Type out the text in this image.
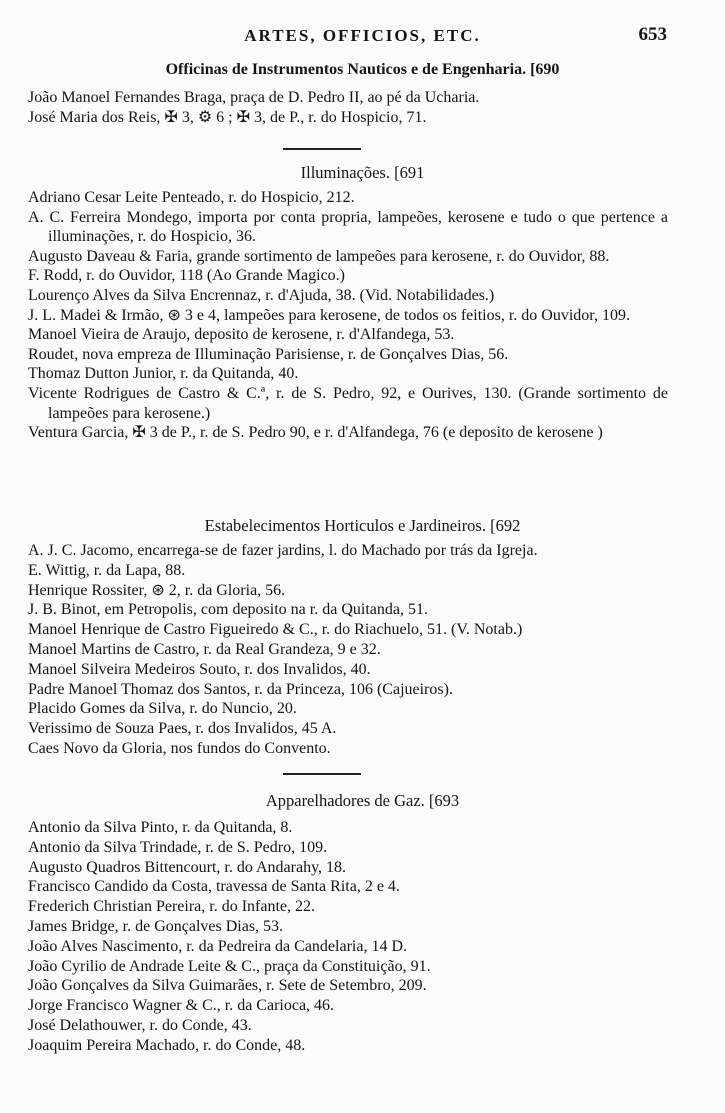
ARTES, OFFICIOS, ETC.	653
Officinas de Instrumentos Nauticos e de Engenharia. [690
João Manoel Fernandes Braga, praça de D. Pedro II, ao pé da Ucharia.
José Maria dos Reis, ✠ 3, ⚙ 6 ; ✠ 3, de P., r. do Hospicio, 71.
Illuminações. [691
Adriano Cesar Leite Penteado, r. do Hospicio, 212.
A. C. Ferreira Mondego, importa por conta propria, lampeões, kerosene e tudo o que pertence a illuminações, r. do Hospicio, 36.
Augusto Daveau & Faria, grande sortimento de lampeões para kerosene, r. do Ouvidor, 88.
F. Rodd, r. do Ouvidor, 118 (Ao Grande Magico.)
Lourenço Alves da Silva Encrennaz, r. d'Ajuda, 38. (Vid. Notabilidades.)
J. L. Madei & Irmão, ⊛ 3 e 4, lampeões para kerosene, de todos os feitios, r. do Ouvidor, 109.
Manoel Vieira de Araujo, deposito de kerosene, r. d'Alfandega, 53.
Roudet, nova empreza de Illuminação Parisiense, r. de Gonçalves Dias, 56.
Thomaz Dutton Junior, r. da Quitanda, 40.
Vicente Rodrigues de Castro & C.ª, r. de S. Pedro, 92, e Ourives, 130. (Grande sortimento de lampeões para kerosene.)
Ventura Garcia, ✠ 3 de P., r. de S. Pedro 90, e r. d'Alfandega, 76 (e deposito de kerosene )
Estabelecimentos Horticulos e Jardineiros. [692
A. J. C. Jacomo, encarrega-se de fazer jardins, l. do Machado por trás da Igreja.
E. Wittig, r. da Lapa, 88.
Henrique Rossiter, ⊛ 2, r. da Gloria, 56.
J. B. Binot, em Petropolis, com deposito na r. da Quitanda, 51.
Manoel Henrique de Castro Figueiredo & C., r. do Riachuelo, 51. (V. Notab.)
Manoel Martins de Castro, r. da Real Grandeza, 9 e 32.
Manoel Silveira Medeiros Souto, r. dos Invalidos, 40.
Padre Manoel Thomaz dos Santos, r. da Princeza, 106 (Cajueiros).
Placido Gomes da Silva, r. do Nuncio, 20.
Verissimo de Souza Paes, r. dos Invalidos, 45 A.
Caes Novo da Gloria, nos fundos do Convento.
Apparelhadores de Gaz. [693
Antonio da Silva Pinto, r. da Quitanda, 8.
Antonio da Silva Trindade, r. de S. Pedro, 109.
Augusto Quadros Bittencourt, r. do Andarahy, 18.
Francisco Candido da Costa, travessa de Santa Rita, 2 e 4.
Frederich Christian Pereira, r. do Infante, 22.
James Bridge, r. de Gonçalves Dias, 53.
João Alves Nascimento, r. da Pedreira da Candelaria, 14 D.
João Cyrilio de Andrade Leite & C., praça da Constituição, 91.
João Gonçalves da Silva Guimarães, r. Sete de Setembro, 209.
Jorge Francisco Wagner & C., r. da Carioca, 46.
José Delathouwer, r. do Conde, 43.
Joaquim Pereira Machado, r. do Conde, 48.
